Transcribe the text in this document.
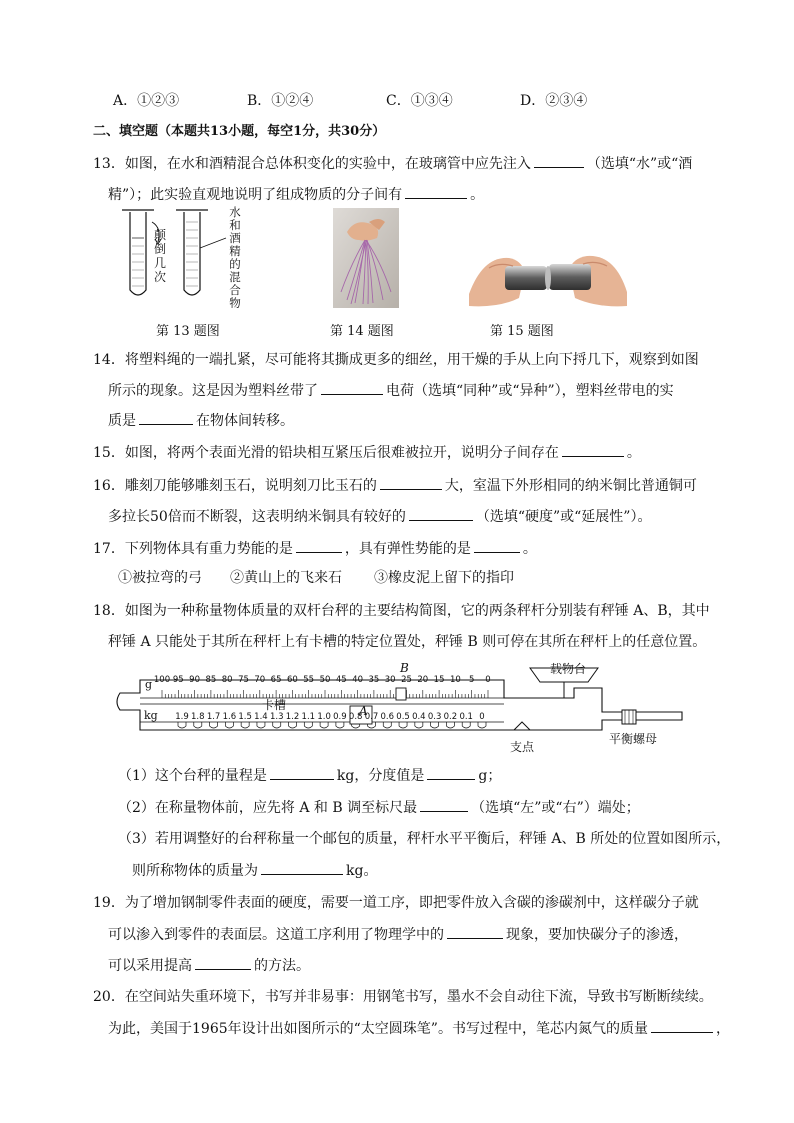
A．①②③	B．①②④	C．①③④	D．②③④
二、填空题（本题共13小题，每空1分，共30分）
13．如图，在水和酒精混合总体积变化的实验中，在玻璃管中应先注入	（选填“水”或“酒
精”）；此实验直观地说明了组成物质的分子间有	。
颠
倒
几
次
水
和
酒
精
的
混
合
物
第 13 题图	第 14 题图	第 15 题图
14．将塑料绳的一端扎紧，尽可能将其撕成更多的细丝，用干燥的手从上向下捋几下，观察到如图
所示的现象。这是因为塑料丝带了	电荷（选填“同种”或“异种”），塑料丝带电的实
质是	在物体间转移。
15．如图，将两个表面光滑的铅块相互紧压后很难被拉开，说明分子间存在	。
16．雕刻刀能够雕刻玉石，说明刻刀比玉石的	大，室温下外形相同的纳米铜比普通铜可
多拉长50倍而不断裂，这表明纳米铜具有较好的	（选填“硬度”或“延展性”）。
17．下列物体具有重力势能的是	，具有弹性势能的是	。
①被拉弯的弓 ②黄山上的飞来石 ③橡皮泥上留下的指印
18．如图为一种称量物体质量的双杆台秤的主要结构简图，它的两条秤杆分别装有秤锤 A、B，其中
秤锤 A 只能处于其所在秤杆上有卡槽的特定位置处，秤锤 B 则可停在其所在秤杆上的任意位置。
100 95 90 85 80 75 70 65 60 55 50 45 40 35 30 25 20 15 10 5 0
1.9 1.8 1.7 1.6 1.5 1.4 1.3 1.2 1.1 1.0 0.9 0.8 0.7 0.6 0.5 0.4 0.3 0.2 0.1 0
g
kg
B
A
卡槽
载物台
支点
平衡螺母
（1）这个台秤的量程是	kg，分度值是	g；
（2）在称量物体前，应先将 A 和 B 调至标尺最	（选填“左”或“右”）端处；
（3）若用调整好的台秤称量一个邮包的质量，秤杆水平平衡后，秤锤 A、B 所处的位置如图所示，
则所称物体的质量为	kg。
19．为了增加钢制零件表面的硬度，需要一道工序，即把零件放入含碳的渗碳剂中，这样碳分子就
可以渗入到零件的表面层。这道工序利用了物理学中的	现象，要加快碳分子的渗透，
可以采用提高	的方法。
20．在空间站失重环境下，书写并非易事：用钢笔书写，墨水不会自动往下流，导致书写断断续续。
为此，美国于1965年设计出如图所示的“太空圆珠笔”。书写过程中，笔芯内氮气的质量	，
